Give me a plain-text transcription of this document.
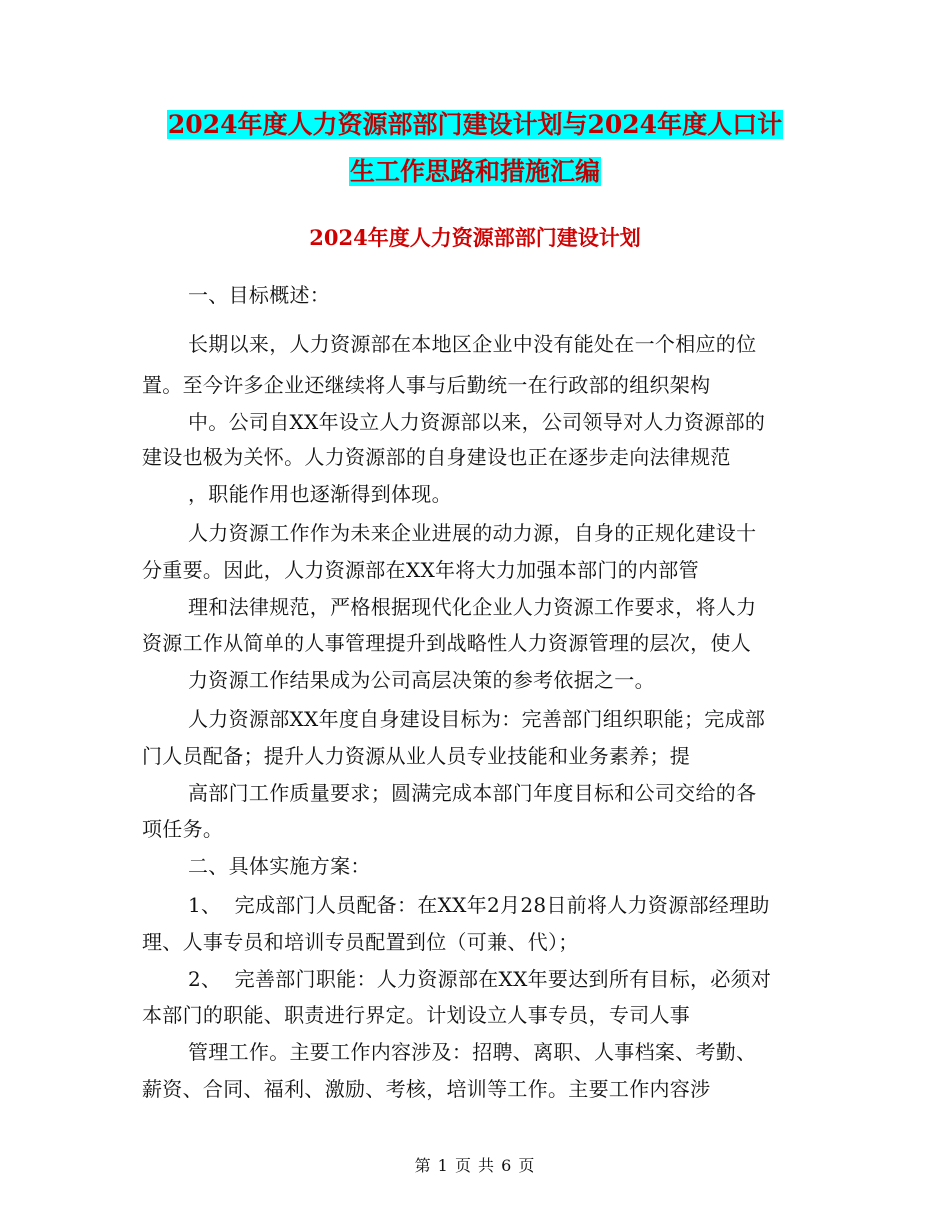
2024年度人力资源部部门建设计划与2024年度人口计
生工作思路和措施汇编
2024年度人力资源部部门建设计划
一、目标概述：
长期以来，人力资源部在本地区企业中没有能处在一个相应的位
置。至今许多企业还继续将人事与后勤统一在行政部的组织架构
中。公司自XX年设立人力资源部以来，公司领导对人力资源部的
建设也极为关怀。人力资源部的自身建设也正在逐步走向法律规范
，职能作用也逐渐得到体现。
人力资源工作作为未来企业进展的动力源，自身的正规化建设十
分重要。因此，人力资源部在XX年将大力加强本部门的内部管
理和法律规范，严格根据现代化企业人力资源工作要求，将人力
资源工作从简单的人事管理提升到战略性人力资源管理的层次，使人
力资源工作结果成为公司高层决策的参考依据之一。
人力资源部XX年度自身建设目标为：完善部门组织职能；完成部
门人员配备；提升人力资源从业人员专业技能和业务素养；提
高部门工作质量要求；圆满完成本部门年度目标和公司交给的各
项任务。
二、具体实施方案：
1、  完成部门人员配备：在XX年2月28日前将人力资源部经理助
理、人事专员和培训专员配置到位（可兼、代）；
2、  完善部门职能：人力资源部在XX年要达到所有目标，必须对
本部门的职能、职责进行界定。计划设立人事专员，专司人事
管理工作。主要工作内容涉及：招聘、离职、人事档案、考勤、
薪资、合同、福利、激励、考核，培训等工作。主要工作内容涉
第 1 页 共 6 页
